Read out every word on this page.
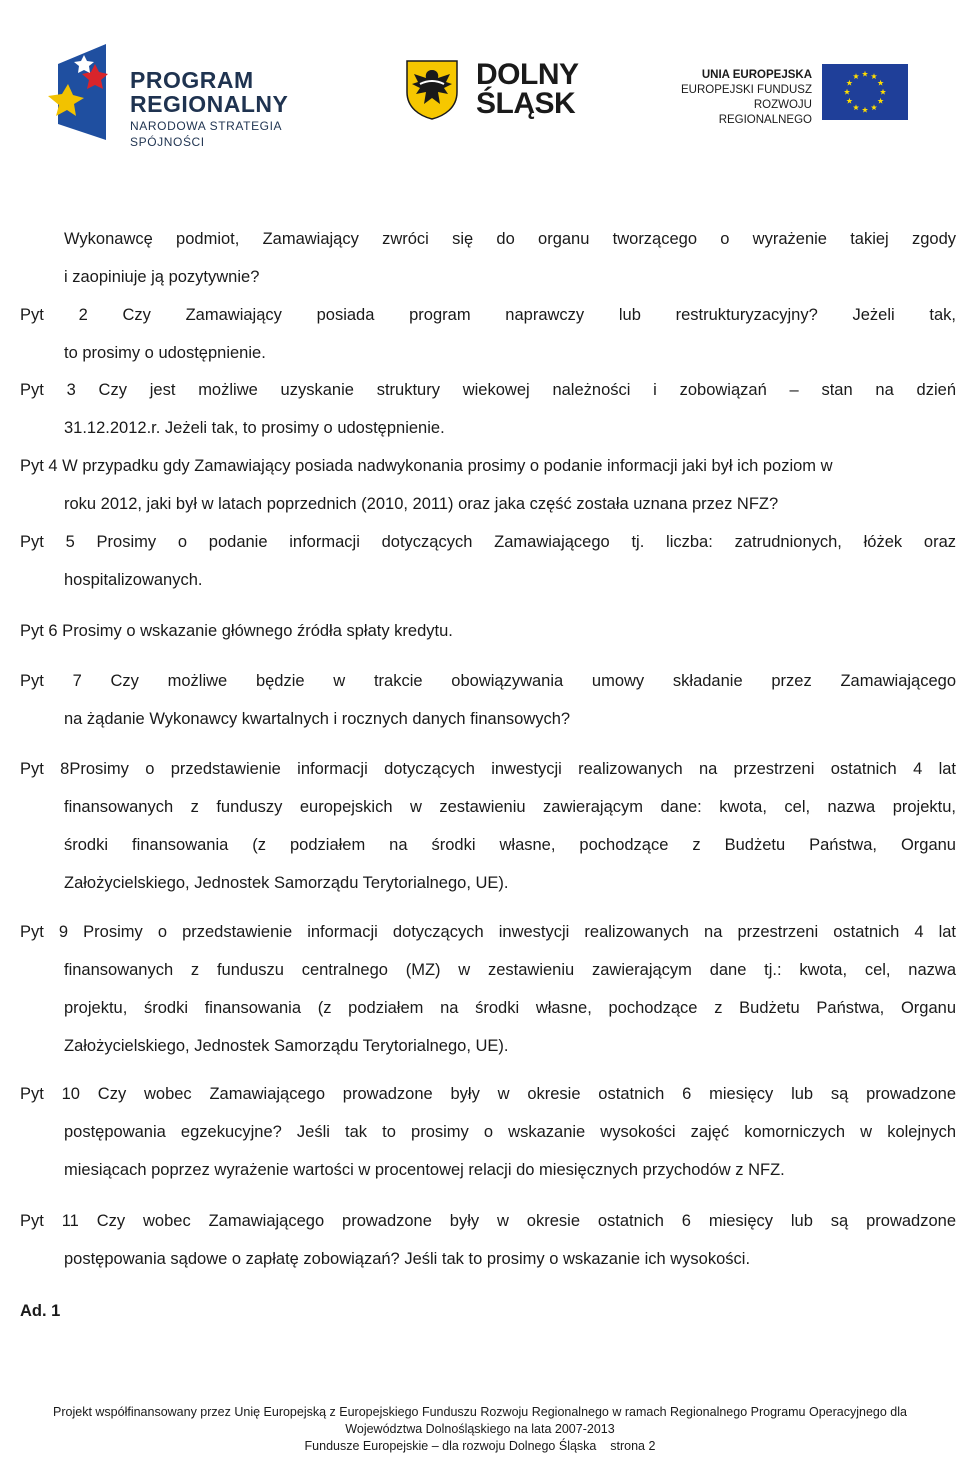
PROGRAM
REGIONALNY
NARODOWA STRATEGIA SPÓJNOŚCI
DOLNY
ŚLĄSK
UNIA EUROPEJSKA
EUROPEJSKI FUNDUSZ
ROZWOJU REGIONALNEGO
Wykonawcę podmiot, Zamawiający zwróci się do organu tworzącego o wyrażenie takiej zgody
i zaopiniuje ją pozytywnie?
Pyt 2 Czy Zamawiający posiada program naprawczy lub restrukturyzacyjny? Jeżeli tak,
to prosimy o udostępnienie.
Pyt 3 Czy jest możliwe uzyskanie struktury wiekowej należności i zobowiązań – stan na dzień
31.12.2012.r. Jeżeli tak, to prosimy o udostępnienie.
Pyt 4 W przypadku gdy Zamawiający posiada nadwykonania prosimy o podanie informacji jaki był ich poziom w
roku 2012, jaki był w latach poprzednich (2010, 2011) oraz jaka część została uznana przez NFZ?
Pyt 5 Prosimy o podanie informacji dotyczących Zamawiającego tj. liczba: zatrudnionych, łóżek oraz
hospitalizowanych.
Pyt 6 Prosimy o wskazanie głównego źródła spłaty kredytu.
Pyt 7 Czy możliwe będzie w trakcie obowiązywania umowy składanie przez Zamawiającego
na żądanie Wykonawcy kwartalnych i rocznych danych finansowych?
Pyt 8Prosimy o przedstawienie informacji dotyczących inwestycji realizowanych na przestrzeni ostatnich 4 lat
finansowanych z funduszy europejskich w zestawieniu zawierającym dane: kwota, cel, nazwa projektu,
środki finansowania (z podziałem na środki własne, pochodzące z Budżetu Państwa, Organu
Założycielskiego, Jednostek Samorządu Terytorialnego, UE).
Pyt 9 Prosimy o przedstawienie informacji dotyczących inwestycji realizowanych na przestrzeni ostatnich 4 lat
finansowanych z funduszu centralnego (MZ) w zestawieniu zawierającym dane tj.: kwota, cel, nazwa
projektu, środki finansowania (z podziałem na środki własne, pochodzące z Budżetu Państwa, Organu
Założycielskiego, Jednostek Samorządu Terytorialnego, UE).
Pyt 10 Czy wobec Zamawiającego prowadzone były w okresie ostatnich 6 miesięcy lub są prowadzone
postępowania egzekucyjne? Jeśli tak to prosimy o wskazanie wysokości zajęć komorniczych w kolejnych
miesiącach poprzez wyrażenie wartości w procentowej relacji do miesięcznych przychodów z NFZ.
Pyt 11 Czy wobec Zamawiającego prowadzone były w okresie ostatnich 6 miesięcy lub są prowadzone
postępowania sądowe o zapłatę zobowiązań? Jeśli tak to prosimy o wskazanie ich wysokości.
Ad. 1
Projekt współfinansowany przez Unię Europejską z Europejskiego Funduszu Rozwoju Regionalnego w ramach Regionalnego Programu Operacyjnego dla
Województwa Dolnośląskiego na lata 2007-2013
Fundusze Europejskie – dla rozwoju Dolnego Śląska    strona 2
